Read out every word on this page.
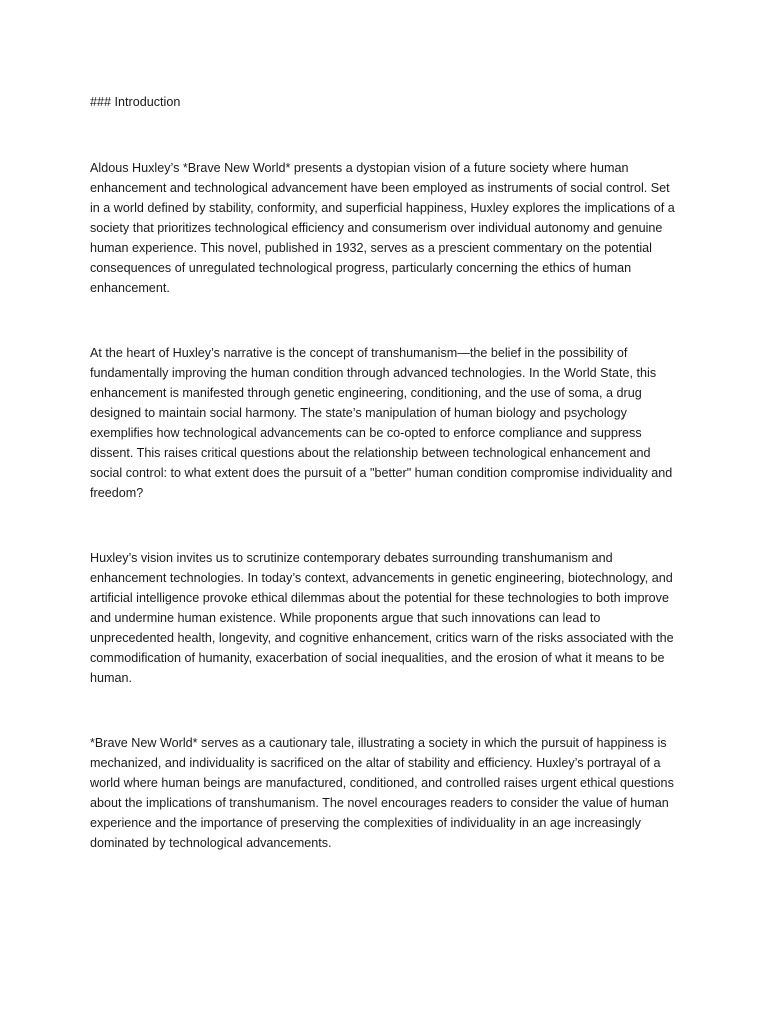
### Introduction

Aldous Huxley’s *Brave New World* presents a dystopian vision of a future society where human enhancement and technological advancement have been employed as instruments of social control. Set in a world defined by stability, conformity, and superficial happiness, Huxley explores the implications of a society that prioritizes technological efficiency and consumerism over individual autonomy and genuine human experience. This novel, published in 1932, serves as a prescient commentary on the potential consequences of unregulated technological progress, particularly concerning the ethics of human enhancement.

At the heart of Huxley’s narrative is the concept of transhumanism—the belief in the possibility of fundamentally improving the human condition through advanced technologies. In the World State, this enhancement is manifested through genetic engineering, conditioning, and the use of soma, a drug designed to maintain social harmony. The state’s manipulation of human biology and psychology exemplifies how technological advancements can be co-opted to enforce compliance and suppress dissent. This raises critical questions about the relationship between technological enhancement and social control: to what extent does the pursuit of a "better" human condition compromise individuality and freedom?

Huxley’s vision invites us to scrutinize contemporary debates surrounding transhumanism and enhancement technologies. In today’s context, advancements in genetic engineering, biotechnology, and artificial intelligence provoke ethical dilemmas about the potential for these technologies to both improve and undermine human existence. While proponents argue that such innovations can lead to unprecedented health, longevity, and cognitive enhancement, critics warn of the risks associated with the commodification of humanity, exacerbation of social inequalities, and the erosion of what it means to be human.

*Brave New World* serves as a cautionary tale, illustrating a society in which the pursuit of happiness is mechanized, and individuality is sacrificed on the altar of stability and efficiency. Huxley’s portrayal of a world where human beings are manufactured, conditioned, and controlled raises urgent ethical questions about the implications of transhumanism. The novel encourages readers to consider the value of human experience and the importance of preserving the complexities of individuality in an age increasingly dominated by technological advancements.
